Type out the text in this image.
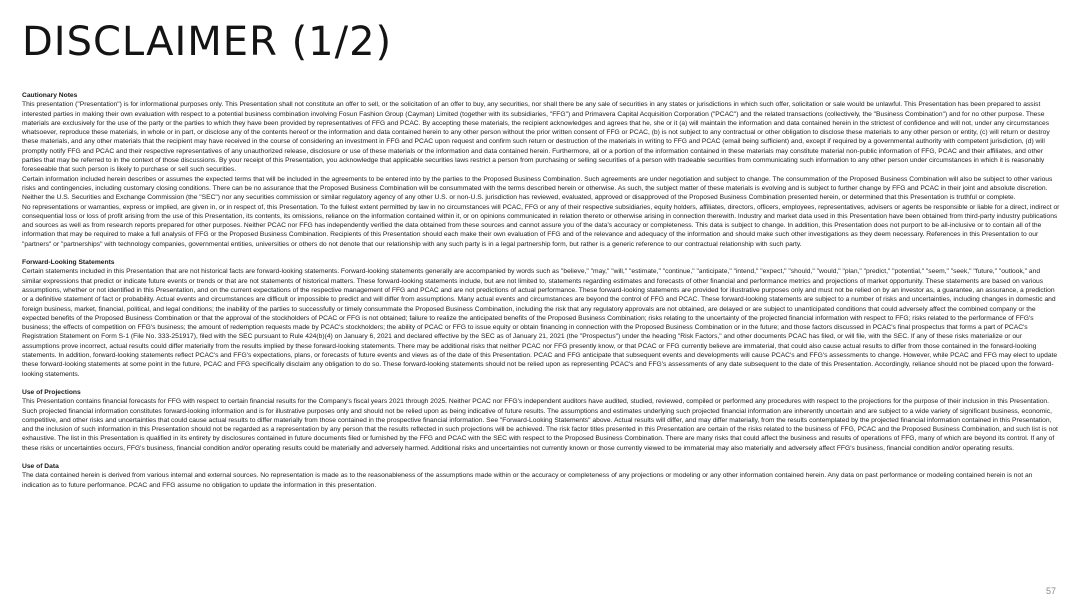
DISCLAIMER (1/2)

Cautionary Notes

This presentation ("Presentation") is for informational purposes only. This Presentation shall not constitute an offer to sell, or the solicitation of an offer to buy, any securities, nor shall there be any sale of securities in any states or jurisdictions in which such offer, solicitation or sale would be unlawful. This Presentation has been prepared to assist interested parties in making their own evaluation with respect to a potential business combination involving Fosun Fashion Group (Cayman) Limited (together with its subsidiaries, "FFG") and Primavera Capital Acquisition Corporation ("PCAC") and the related transactions (collectively, the "Business Combination") and for no other purpose. These materials are exclusively for the use of the party or the parties to which they have been provided by representatives of FFG and PCAC. By accepting these materials, the recipient acknowledges and agrees that he, she or it (a) will maintain the information and data contained herein in the strictest of confidence and will not, under any circumstances whatsoever, reproduce these materials, in whole or in part, or disclose any of the contents hereof or the information and data contained herein to any other person without the prior written consent of FFG or PCAC, (b) is not subject to any contractual or other obligation to disclose these materials to any other person or entity, (c) will return or destroy these materials, and any other materials that the recipient may have received in the course of considering an investment in FFG and PCAC upon request and confirm such return or destruction of the materials in writing to FFG and PCAC (email being sufficient) and, except if required by a governmental authority with competent jurisdiction, (d) will promptly notify FFG and PCAC and their respective representatives of any unauthorized release, disclosure or use of these materials or the information and data contained herein. Furthermore, all or a portion of the information contained in these materials may constitute material non-public information of FFG, PCAC and their affiliates, and other parties that may be referred to in the context of those discussions. By your receipt of this Presentation, you acknowledge that applicable securities laws restrict a person from purchasing or selling securities of a person with tradeable securities from communicating such information to any other person under circumstances in which it is reasonably foreseeable that such person is likely to purchase or sell such securities.

Certain information included herein describes or assumes the expected terms that will be included in the agreements to be entered into by the parties to the Proposed Business Combination. Such agreements are under negotiation and subject to change. The consummation of the Proposed Business Combination will also be subject to other various risks and contingencies, including customary closing conditions. There can be no assurance that the Proposed Business Combination will be consummated with the terms described herein or otherwise. As such, the subject matter of these materials is evolving and is subject to further change by FFG and PCAC in their joint and absolute discretion. Neither the U.S. Securities and Exchange Commission (the "SEC") nor any securities commission or similar regulatory agency of any other U.S. or non-U.S. jurisdiction has reviewed, evaluated, approved or disapproved of the Proposed Business Combination presented herein, or determined that this Presentation is truthful or complete.

No representations or warranties, express or implied, are given in, or in respect of, this Presentation. To the fullest extent permitted by law in no circumstances will PCAC, FFG or any of their respective subsidiaries, equity holders, affiliates, directors, officers, employees, representatives, advisers or agents be responsible or liable for a direct, indirect or consequential loss or loss of profit arising from the use of this Presentation, its contents, its omissions, reliance on the information contained within it, or on opinions communicated in relation thereto or otherwise arising in connection therewith. Industry and market data used in this Presentation have been obtained from third-party industry publications and sources as well as from research reports prepared for other purposes. Neither PCAC nor FFG has independently verified the data obtained from these sources and cannot assure you of the data's accuracy or completeness. This data is subject to change. In addition, this Presentation does not purport to be all-inclusive or to contain all of the information that may be required to make a full analysis of FFG or the Proposed Business Combination. Recipients of this Presentation should each make their own evaluation of FFG and of the relevance and adequacy of the information and should make such other investigations as they deem necessary. References in this Presentation to our "partners" or "partnerships" with technology companies, governmental entities, universities or others do not denote that our relationship with any such party is in a legal partnership form, but rather is a generic reference to our contractual relationship with such party.

Forward-Looking Statements

Certain statements included in this Presentation that are not historical facts are forward-looking statements. Forward-looking statements generally are accompanied by words such as "believe," "may," "will," "estimate," "continue," "anticipate," "intend," "expect," "should," "would," "plan," "predict," "potential," "seem," "seek," "future," "outlook," and similar expressions that predict or indicate future events or trends or that are not statements of historical matters. These forward-looking statements include, but are not limited to, statements regarding estimates and forecasts of other financial and performance metrics and projections of market opportunity. These statements are based on various assumptions, whether or not identified in this Presentation, and on the current expectations of the respective management of FFG and PCAC and are not predictions of actual performance. These forward-looking statements are provided for illustrative purposes only and must not be relied on by an investor as, a guarantee, an assurance, a prediction or a definitive statement of fact or probability. Actual events and circumstances are difficult or impossible to predict and will differ from assumptions. Many actual events and circumstances are beyond the control of FFG and PCAC. These forward-looking statements are subject to a number of risks and uncertainties, including changes in domestic and foreign business, market, financial, political, and legal conditions; the inability of the parties to successfully or timely consummate the Proposed Business Combination, including the risk that any regulatory approvals are not obtained, are delayed or are subject to unanticipated conditions that could adversely affect the combined company or the expected benefits of the Proposed Business Combination or that the approval of the stockholders of PCAC or FFG is not obtained; failure to realize the anticipated benefits of the Proposed Business Combination; risks relating to the uncertainty of the projected financial information with respect to FFG; risks related to the performance of FFG's business; the effects of competition on FFG's business; the amount of redemption requests made by PCAC's stockholders; the ability of PCAC or FFG to issue equity or obtain financing in connection with the Proposed Business Combination or in the future; and those factors discussed in PCAC's final prospectus that forms a part of PCAC's Registration Statement on Form S-1 (File No. 333-251917), filed with the SEC pursuant to Rule 424(b)(4) on January 6, 2021 and declared effective by the SEC as of January 21, 2021 (the "Prospectus") under the heading "Risk Factors," and other documents PCAC has filed, or will file, with the SEC. If any of these risks materialize or our assumptions prove incorrect, actual results could differ materially from the results implied by these forward-looking statements. There may be additional risks that neither PCAC nor FFG presently know, or that PCAC or FFG currently believe are immaterial, that could also cause actual results to differ from those contained in the forward-looking statements. In addition, forward-looking statements reflect PCAC's and FFG's expectations, plans, or forecasts of future events and views as of the date of this Presentation. PCAC and FFG anticipate that subsequent events and developments will cause PCAC's and FFG's assessments to change. However, while PCAC and FFG may elect to update these forward-looking statements at some point in the future, PCAC and FFG specifically disclaim any obligation to do so. These forward-looking statements should not be relied upon as representing PCAC's and FFG's assessments of any date subsequent to the date of this Presentation. Accordingly, reliance should not be placed upon the forward-looking statements.

Use of Projections

This Presentation contains financial forecasts for FFG with respect to certain financial results for the Company's fiscal years 2021 through 2025. Neither PCAC nor FFG's independent auditors have audited, studied, reviewed, compiled or performed any procedures with respect to the projections for the purpose of their inclusion in this Presentation. Such projected financial information constitutes forward-looking information and is for illustrative purposes only and should not be relied upon as being indicative of future results. The assumptions and estimates underlying such projected financial information are inherently uncertain and are subject to a wide variety of significant business, economic, competitive, and other risks and uncertainties that could cause actual results to differ materially from those contained in the prospective financial information. See "Forward-Looking Statements" above. Actual results will differ, and may differ materially, from the results contemplated by the projected financial information contained in this Presentation, and the inclusion of such information in this Presentation should not be regarded as a representation by any person that the results reflected in such projections will be achieved. The risk factor titles presented in this Presentation are certain of the risks related to the business of FFG, PCAC and the Proposed Business Combination, and such list is not exhaustive. The list in this Presentation is qualified in its entirety by disclosures contained in future documents filed or furnished by the FFG and PCAC with the SEC with respect to the Proposed Business Combination. There are many risks that could affect the business and results of operations of FFG, many of which are beyond its control. If any of these risks or uncertainties occurs, FFG's business, financial condition and/or operating results could be materially and adversely harmed. Additional risks and uncertainties not currently known or those currently viewed to be immaterial may also materially and adversely affect FFG's business, financial condition and/or operating results.

Use of Data

The data contained herein is derived from various internal and external sources. No representation is made as to the reasonableness of the assumptions made within or the accuracy or completeness of any projections or modeling or any other information contained herein. Any data on past performance or modeling contained herein is not an indication as to future performance. PCAC and FFG assume no obligation to update the information in this presentation.

57
